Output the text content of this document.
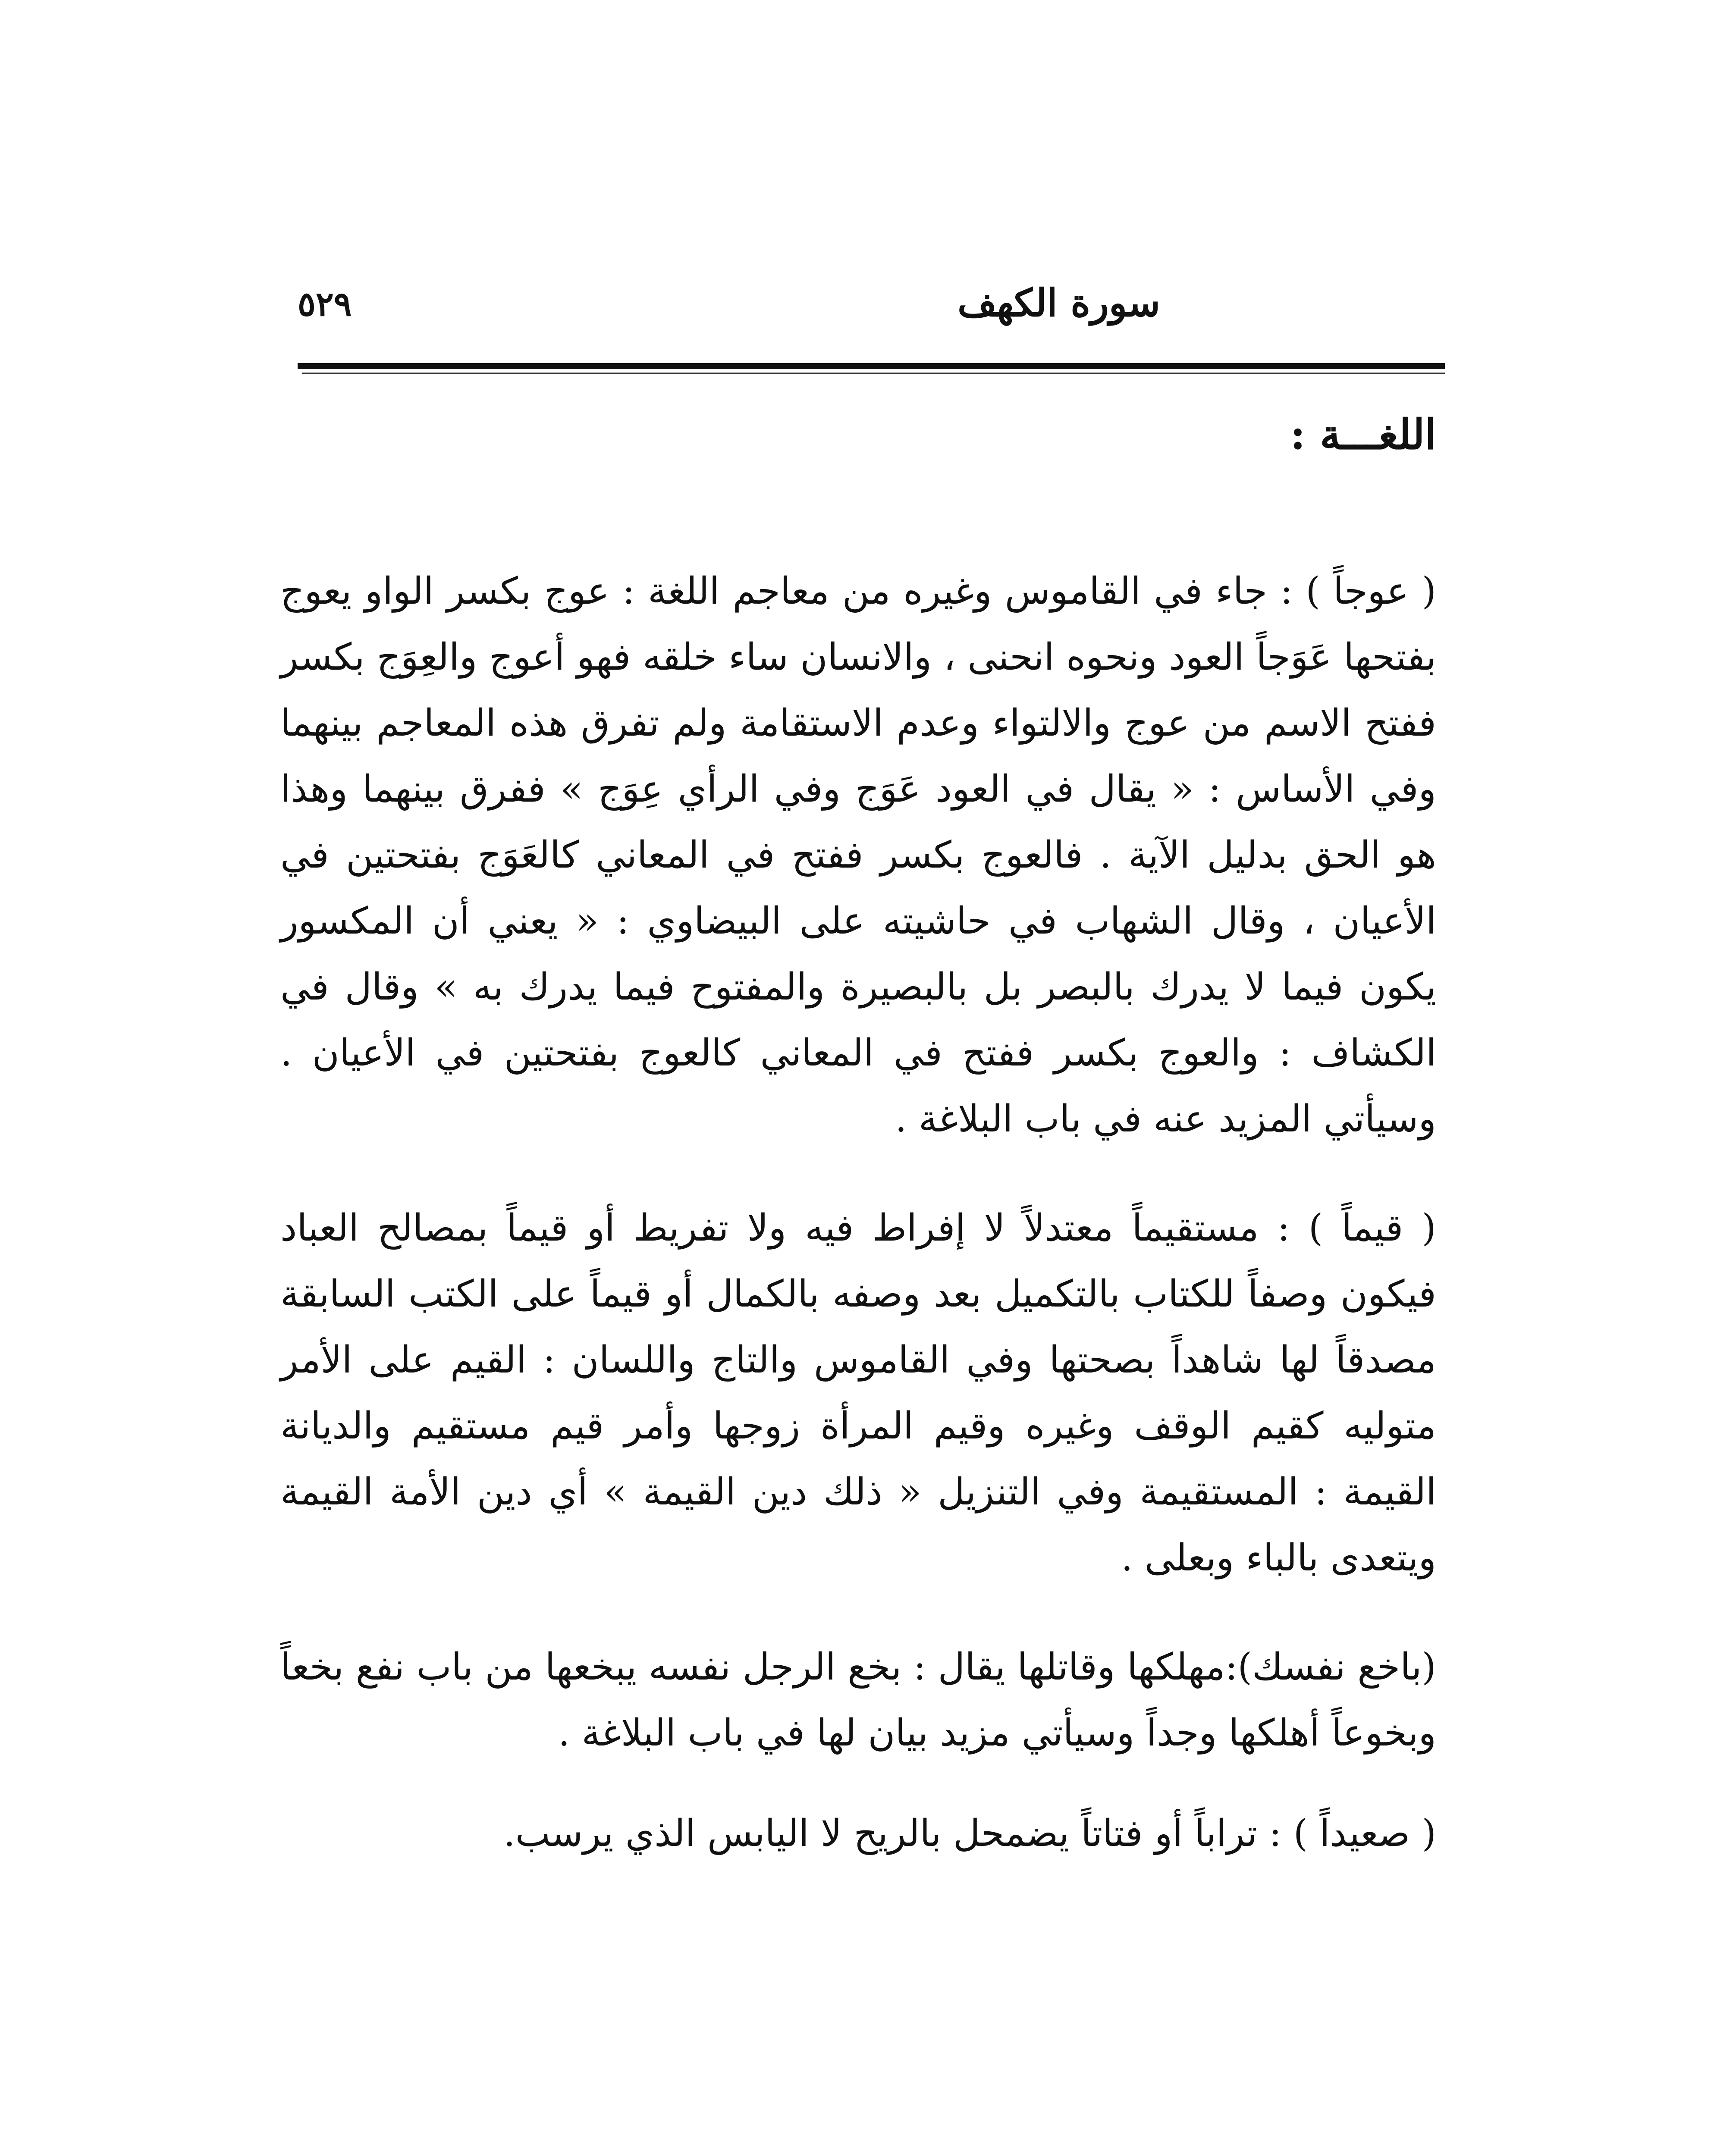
٥٢٩	سورة الكهف
اللغـــة :

( عوجاً ) : جاء في القاموس وغيره من معاجم اللغة : عوج بكسر الواو يعوج بفتحها عَوَجاً العود ونحوه انحنى ، والانسان ساء خلقه فهو أعوج والعِوَج بكسر ففتح الاسم من عوج والالتواء وعدم الاستقامة ولم تفرق هذه المعاجم بينهما وفي الأساس : « يقال في العود عَوَج وفي الرأي عِوَج » ففرق بينهما وهذا هو الحق بدليل الآية . فالعوج بكسر ففتح في المعاني كالعَوَج بفتحتين في الأعيان ، وقال الشهاب في حاشيته على البيضاوي : « يعني أن المكسور يكون فيما لا يدرك بالبصر بل بالبصيرة والمفتوح فيما يدرك به » وقال في الكشاف : والعوج بكسر ففتح في المعاني كالعوج بفتحتين في الأعيان . وسيأتي المزيد عنه في باب البلاغة .

( قيماً ) : مستقيماً معتدلاً لا إفراط فيه ولا تفريط أو قيماً بمصالح العباد فيكون وصفاً للكتاب بالتكميل بعد وصفه بالكمال أو قيماً على الكتب السابقة مصدقاً لها شاهداً بصحتها وفي القاموس والتاج واللسان : القيم على الأمر متوليه كقيم الوقف وغيره وقيم المرأة زوجها وأمر قيم مستقيم والديانة القيمة : المستقيمة وفي التنزيل « ذلك دين القيمة » أي دين الأمة القيمة ويتعدى بالباء وبعلى .

(باخع نفسك):مهلكها وقاتلها يقال : بخع الرجل نفسه يبخعها من باب نفع بخعاً وبخوعاً أهلكها وجداً وسيأتي مزيد بيان لها في باب البلاغة .

( صعيداً ) : تراباً أو فتاتاً يضمحل بالريح لا اليابس الذي يرسب.
